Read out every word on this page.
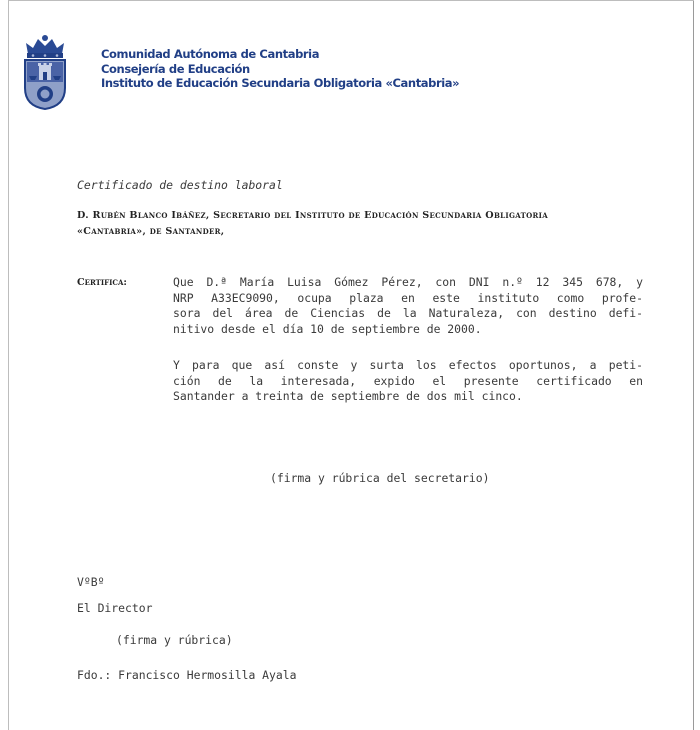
Comunidad Autónoma de Cantabria
Consejería de Educación
Instituto de Educación Secundaria Obligatoria «Cantabria»
Certificado de destino laboral
D. Rubén Blanco Ibáñez, Secretario del Instituto de Educación Secundaria Obligatoria
«Cantabria», de Santander,
Certifica:	Que D.ª María Luisa Gómez Pérez, con DNI n.º 12 345 678, y
NRP A33EC9090, ocupa plaza en este instituto como profe-
sora del área de Ciencias de la Naturaleza, con destino defi-
nitivo desde el día 10 de septiembre de 2000.
Y para que así conste y surta los efectos oportunos, a peti-
ción de la interesada, expido el presente certificado en
Santander a treinta de septiembre de dos mil cinco.
(firma y rúbrica del secretario)
VºBº
El Director
(firma y rúbrica)
Fdo.: Francisco Hermosilla Ayala
